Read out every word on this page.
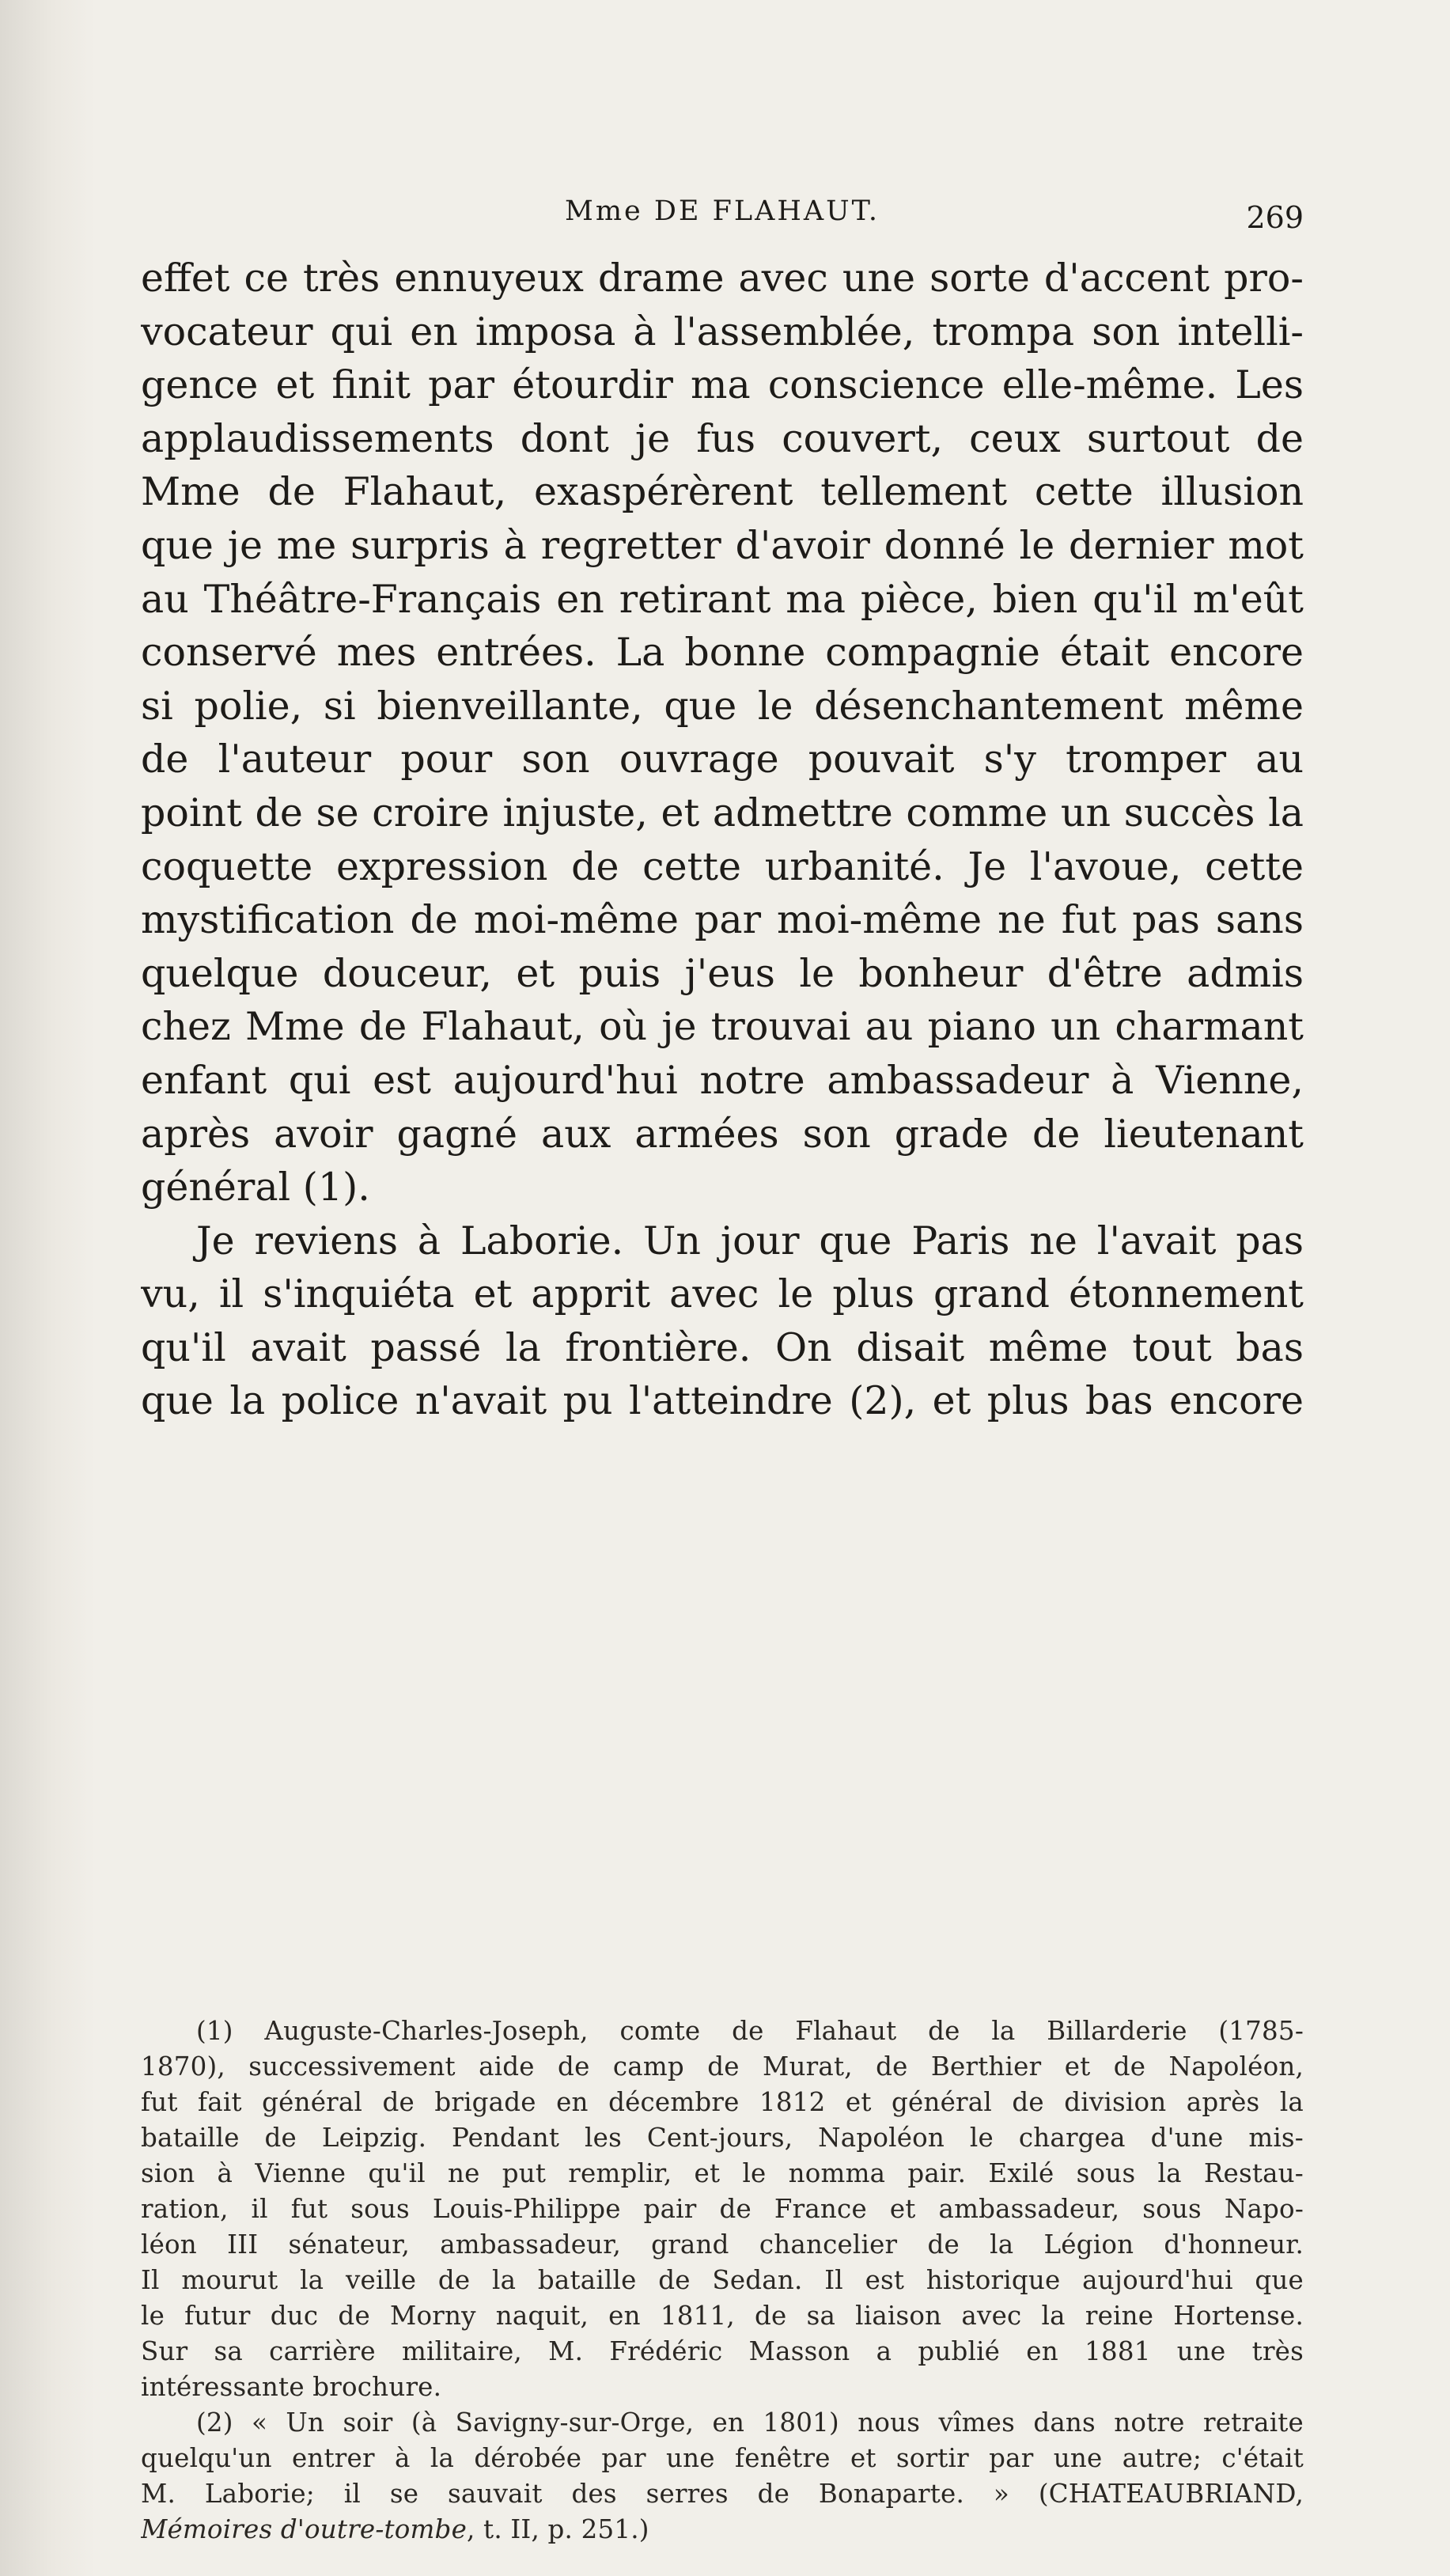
Mme DE FLAHAUT.	269

effet ce très ennuyeux drame avec une sorte d'accent pro-
vocateur qui en imposa à l'assemblée, trompa son intelli-
gence et finit par étourdir ma conscience elle-même. Les
applaudissements dont je fus couvert, ceux surtout de
Mme de Flahaut, exaspérèrent tellement cette illusion
que je me surpris à regretter d'avoir donné le dernier mot
au Théâtre-Français en retirant ma pièce, bien qu'il m'eût
conservé mes entrées. La bonne compagnie était encore
si polie, si bienveillante, que le désenchantement même
de l'auteur pour son ouvrage pouvait s'y tromper au
point de se croire injuste, et admettre comme un succès la
coquette expression de cette urbanité. Je l'avoue, cette
mystification de moi-même par moi-même ne fut pas sans
quelque douceur, et puis j'eus le bonheur d'être admis
chez Mme de Flahaut, où je trouvai au piano un charmant
enfant qui est aujourd'hui notre ambassadeur à Vienne,
après avoir gagné aux armées son grade de lieutenant
général (1).

Je reviens à Laborie. Un jour que Paris ne l'avait pas
vu, il s'inquiéta et apprit avec le plus grand étonnement
qu'il avait passé la frontière. On disait même tout bas
que la police n'avait pu l'atteindre (2), et plus bas encore

(1) Auguste-Charles-Joseph, comte de Flahaut de la Billarderie (1785-
1870), successivement aide de camp de Murat, de Berthier et de Napoléon,
fut fait général de brigade en décembre 1812 et général de division après la
bataille de Leipzig. Pendant les Cent-jours, Napoléon le chargea d'une mis-
sion à Vienne qu'il ne put remplir, et le nomma pair. Exilé sous la Restau-
ration, il fut sous Louis-Philippe pair de France et ambassadeur, sous Napo-
léon III sénateur, ambassadeur, grand chancelier de la Légion d'honneur.
Il mourut la veille de la bataille de Sedan. Il est historique aujourd'hui que
le futur duc de Morny naquit, en 1811, de sa liaison avec la reine Hortense.
Sur sa carrière militaire, M. Frédéric Masson a publié en 1881 une très
intéressante brochure.
(2) « Un soir (à Savigny-sur-Orge, en 1801) nous vîmes dans notre retraite
quelqu'un entrer à la dérobée par une fenêtre et sortir par une autre; c'était
M. Laborie; il se sauvait des serres de Bonaparte. » (CHATEAUBRIAND,
Mémoires d'outre-tombe, t. II, p. 251.)
